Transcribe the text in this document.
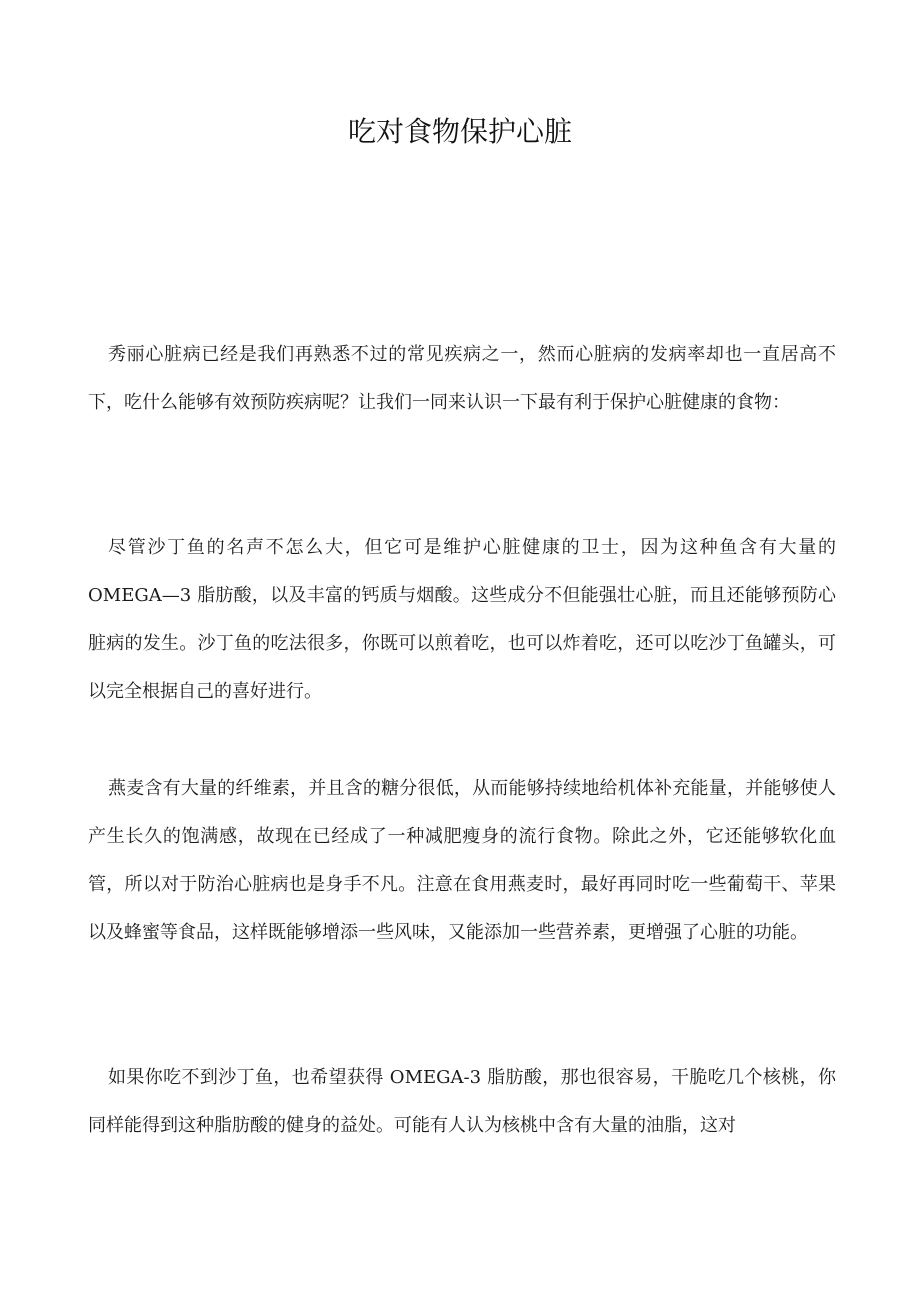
吃对食物保护心脏

秀丽心脏病已经是我们再熟悉不过的常见疾病之一，然而心脏病的发病率却也一直居高不下，吃什么能够有效预防疾病呢？让我们一同来认识一下最有利于保护心脏健康的食物：

尽管沙丁鱼的名声不怎么大，但它可是维护心脏健康的卫士，因为这种鱼含有大量的 OMEGA—3 脂肪酸，以及丰富的钙质与烟酸。这些成分不但能强壮心脏，而且还能够预防心脏病的发生。沙丁鱼的吃法很多，你既可以煎着吃，也可以炸着吃，还可以吃沙丁鱼罐头，可以完全根据自己的喜好进行。

燕麦含有大量的纤维素，并且含的糖分很低，从而能够持续地给机体补充能量，并能够使人产生长久的饱满感，故现在已经成了一种减肥瘦身的流行食物。除此之外，它还能够软化血管，所以对于防治心脏病也是身手不凡。注意在食用燕麦时，最好再同时吃一些葡萄干、苹果以及蜂蜜等食品，这样既能够增添一些风味，又能添加一些营养素，更增强了心脏的功能。

如果你吃不到沙丁鱼，也希望获得 OMEGA-3 脂肪酸，那也很容易，干脆吃几个核桃，你同样能得到这种脂肪酸的健身的益处。可能有人认为核桃中含有大量的油脂，这对
